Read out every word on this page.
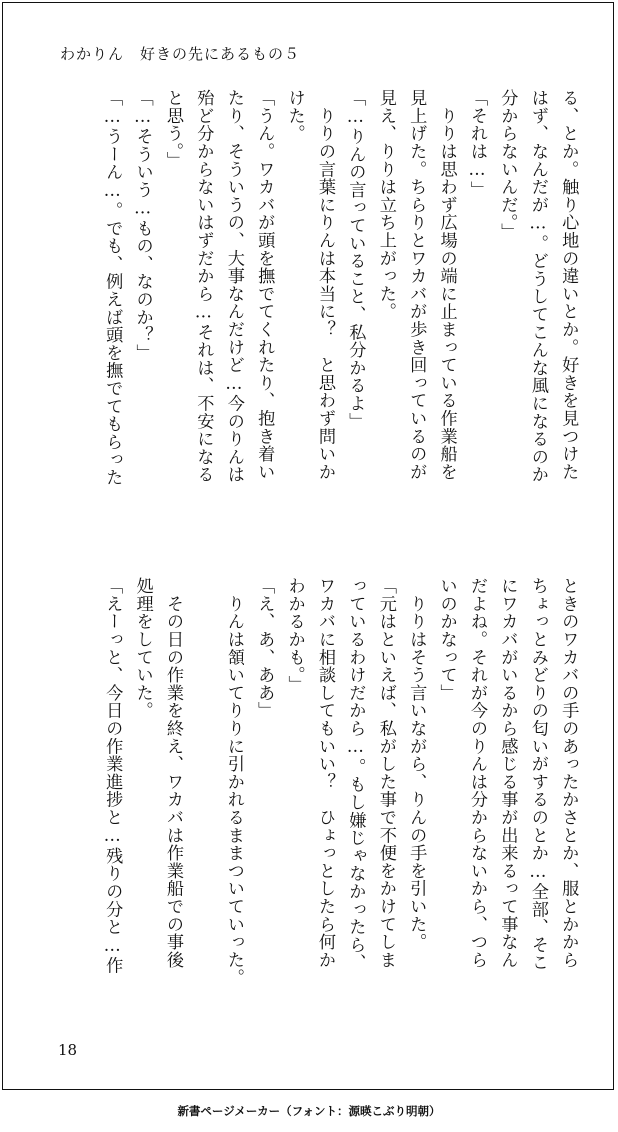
わかりん　好きの先にあるもの５
る、とか。触り心地の違いとか。好きを見つけた
はず、なんだが…。どうしてこんな風になるのか
分からないんだ。」
「それは…」
　りりは思わず広場の端に止まっている作業船を
見上げた。ちらりとワカバが歩き回っているのが
見え、りりは立ち上がった。
「…りんの言っていること、私分かるよ」
　りりの言葉にりんは本当に？　と思わず問いか
けた。
「うん。ワカバが頭を撫でてくれたり、抱き着い
たり、そういうの、大事なんだけど…今のりんは
殆ど分からないはずだから…それは、不安になる
と思う。」
「…そういう…もの、なのか？」
「…うーん…。でも、例えば頭を撫でてもらった
ときのワカバの手のあったかさとか、服とかから
ちょっとみどりの匂いがするのとか…全部、そこ
にワカバがいるから感じる事が出来るって事なん
だよね。それが今のりんは分からないから、つら
いのかなって」
　りりはそう言いながら、りんの手を引いた。
「元はといえば、私がした事で不便をかけてしま
っているわけだから…。もし嫌じゃなかったら、
ワカバに相談してもいい？　ひょっとしたら何か
わかるかも。」
「え、あ、ああ」
　りんは頷いてりりに引かれるままついていった。
　その日の作業を終え、ワカバは作業船での事後
処理をしていた。
「えーっと、今日の作業進捗と…残りの分と…作
18
新書ページメーカー（フォント：源暎こぶり明朝）
